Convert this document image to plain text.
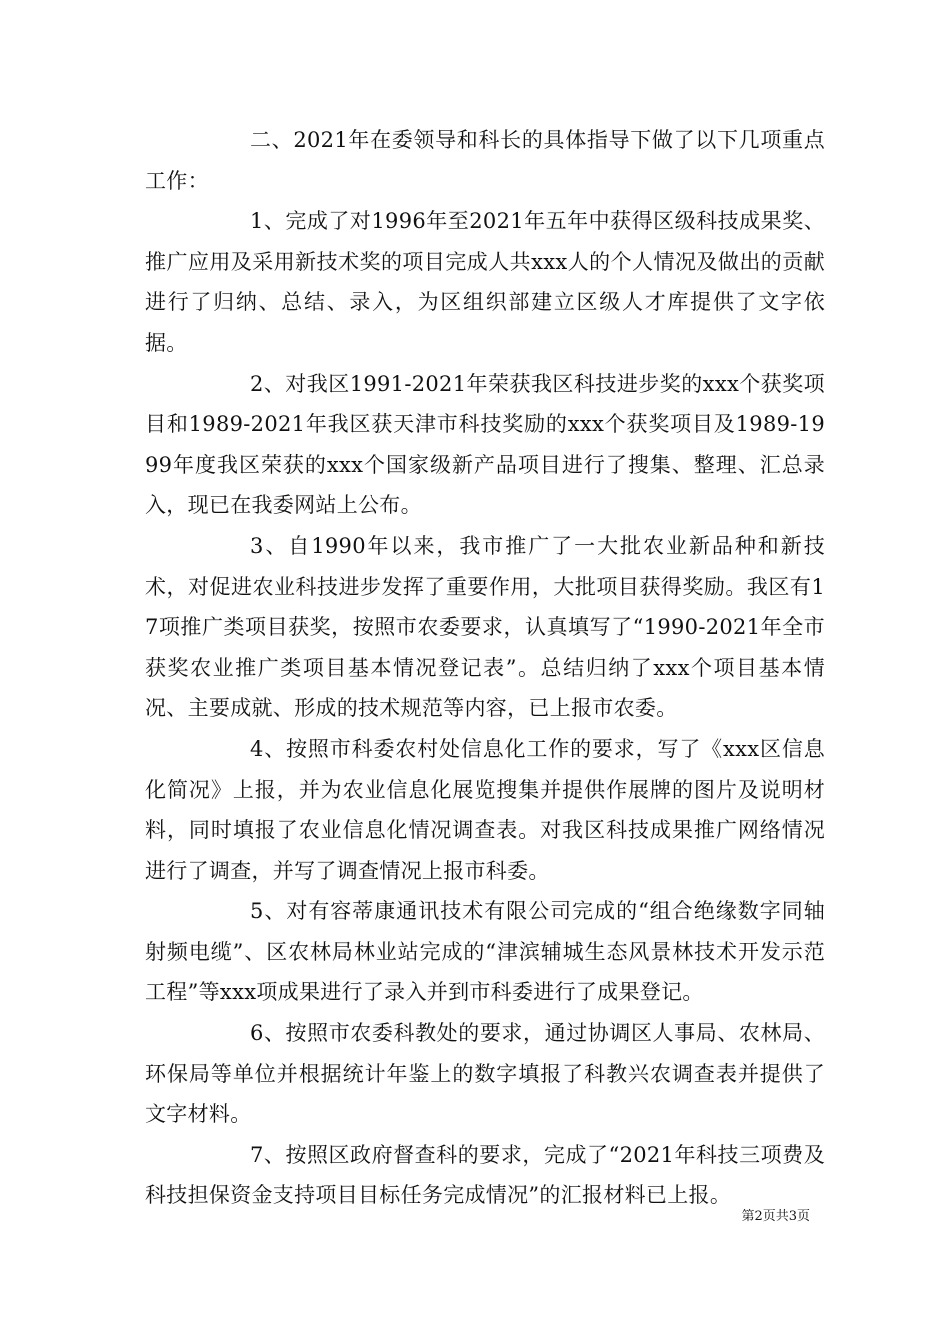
二、2021年在委领导和科长的具体指导下做了以下几项重点工作：

1、完成了对1996年至2021年五年中获得区级科技成果奖、推广应用及采用新技术奖的项目完成人共xxx人的个人情况及做出的贡献进行了归纳、总结、录入，为区组织部建立区级人才库提供了文字依据。

2、对我区1991-2021年荣获我区科技进步奖的xxx个获奖项目和1989-2021年我区获天津市科技奖励的xxx个获奖项目及1989-1999年度我区荣获的xxx个国家级新产品项目进行了搜集、整理、汇总录入，现已在我委网站上公布。

3、自1990年以来，我市推广了一大批农业新品种和新技术，对促进农业科技进步发挥了重要作用，大批项目获得奖励。我区有17项推广类项目获奖，按照市农委要求，认真填写了“1990-2021年全市获奖农业推广类项目基本情况登记表”。总结归纳了xxx个项目基本情况、主要成就、形成的技术规范等内容，已上报市农委。

4、按照市科委农村处信息化工作的要求，写了《xxx区信息化简况》上报，并为农业信息化展览搜集并提供作展牌的图片及说明材料，同时填报了农业信息化情况调查表。对我区科技成果推广网络情况进行了调查，并写了调查情况上报市科委。

5、对有容蒂康通讯技术有限公司完成的“组合绝缘数字同轴射频电缆”、区农林局林业站完成的“津滨辅城生态风景林技术开发示范工程”等xxx项成果进行了录入并到市科委进行了成果登记。

6、按照市农委科教处的要求，通过协调区人事局、农林局、环保局等单位并根据统计年鉴上的数字填报了科教兴农调查表并提供了文字材料。

7、按照区政府督查科的要求，完成了“2021年科技三项费及科技担保资金支持项目目标任务完成情况”的汇报材料已上报。

第2页共3页
